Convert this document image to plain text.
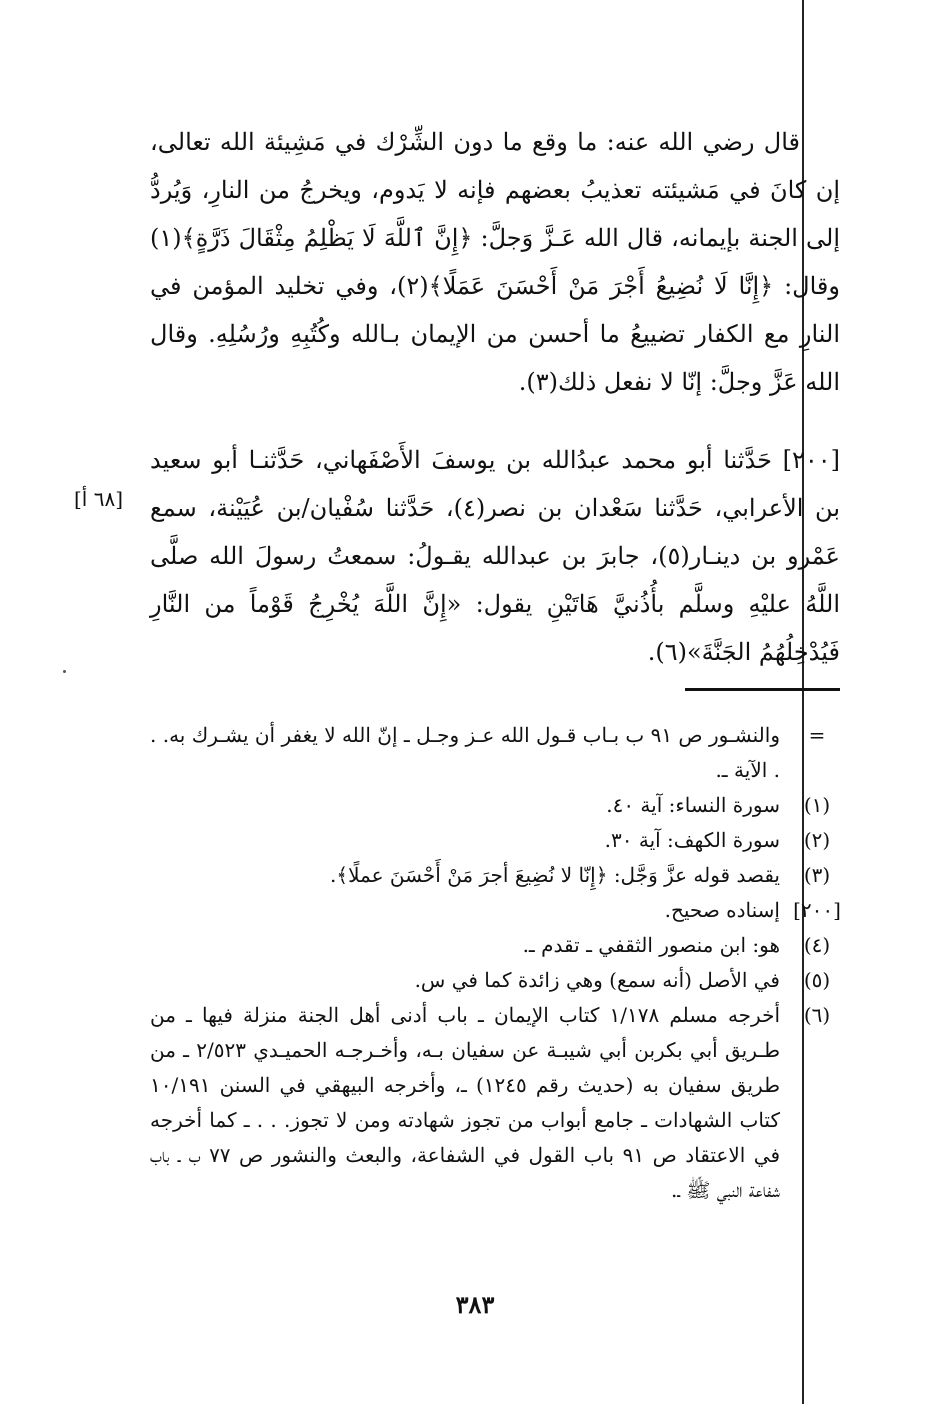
قال رضي الله عنه: ما وقع ما دون الشِّرْك في مَشِيئة الله تعالى، إن كانَ في مَشيئته تعذيبُ بعضهم فإنه لا يَدوم، ويخرجُ من النارِ، وَيُردُّ إلى الجنة بإيمانه، قال الله عَـزَّ وَجلَّ: ﴿إِنَّ ٱللَّهَ لَا يَظْلِمُ مِثْقَالَ ذَرَّةٍ﴾(١) وقال: ﴿إِنَّا لَا نُضِيعُ أَجْرَ مَنْ أَحْسَنَ عَمَلًا﴾(٢)، وفي تخليد المؤمن في النارِ مع الكفار تضييعُ ما أحسن من الإيمان بـالله وكُتُبِهِ ورُسُلِهِ. وقال الله عَزَّ وجلَّ: إنّا لا نفعل ذلك(٣).

[٢٠٠] حَدَّثنا أبو محمد عبدُالله بن يوسفَ الأَصْفَهاني، حَدَّثنـا أبو سعيد بن الأعرابي، حَدَّثنا سَعْدان بن نصر(٤)، حَدَّثنا سُفْيان/بن عُيَيْنة، سمع عَمْرو بن دينـار(٥)، جابرَ بن عبدالله يقـولُ: سمعتُ رسولَ الله صلَّى اللَّهُ عليْهِ وسلَّم بأُذُنيَّ هَاتَيْنِ يقول: «إِنَّ اللَّهَ يُخْرِجُ قَوْماً من النَّارِ فَيُدْخِلُهُمُ الجَنَّةَ»(٦).

[٦٨ أ]
=
والنشـور ص ٩١ ب بـاب قـول الله عـز وجـل ـ إنّ الله لا يغفر أن يشـرك به. . . الآية ـ.
(١)
سورة النساء: آية ٤٠.
(٢)
سورة الكهف: آية ٣٠.
(٣)
يقصد قوله عزَّ وَجَّل: ﴿إِنّا لا نُضِيعَ أجرَ مَنْ أَحْسَنَ عملًا﴾.
[٢٠٠]
إسناده صحيح.
(٤)
هو: ابن منصور الثقفي ـ تقدم ـ.
(٥)
في الأصل (أنه سمع) وهي زائدة كما في س.
(٦)
أخرجه مسلم ١/١٧٨ كتاب الإيمان ـ باب أدنى أهل الجنة منزلة فيها ـ من طـريق أبي بكربن أبي شيبـة عن سفيان بـه، وأخـرجـه الحميـدي ٢/٥٢٣ ـ من طريق سفيان به (حديث رقم ١٢٤٥) ـ، وأخرجه البيهقي في السنن ١٠/١٩١ كتاب الشهادات ـ جامع أبواب من تجوز شهادته ومن لا تجوز. . . ـ كما أخرجه في الاعتقاد ص ٩١ باب القول في الشفاعة، والبعث والنشور ص ٧٧ ب ـ باب شفاعة النبي ﷺ ـ.
٣٨٣
